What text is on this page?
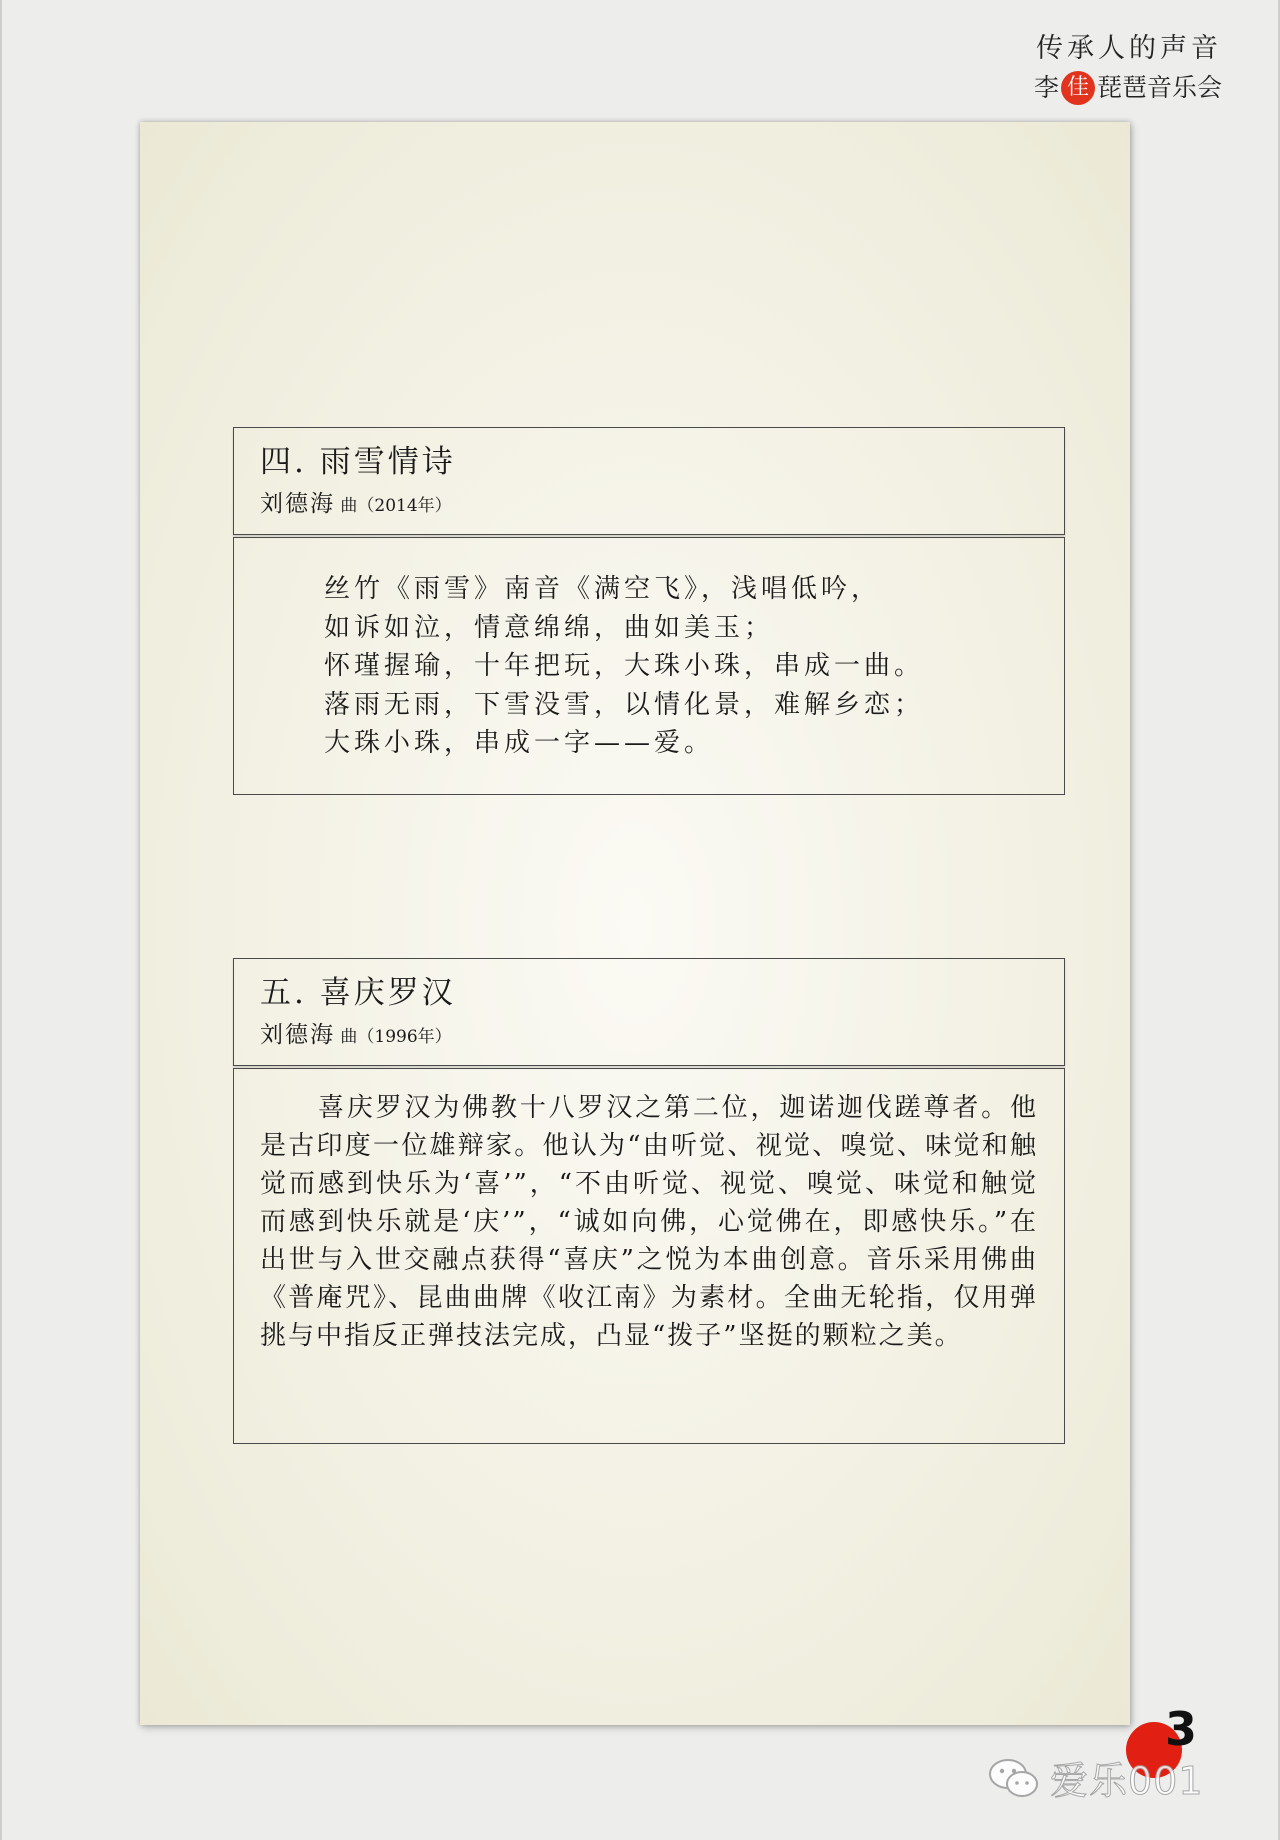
传承人的声音
李 佳 琵琶音乐会
四. 雨雪情诗
刘德海 曲（2014年）
丝竹《雨雪》南音《满空飞》，浅唱低吟，
如诉如泣，情意绵绵，曲如美玉；
怀瑾握瑜，十年把玩，大珠小珠，串成一曲。
落雨无雨，下雪没雪，以情化景，难解乡恋；
大珠小珠，串成一字——爱。
五. 喜庆罗汉
刘德海 曲（1996年）
喜庆罗汉为佛教十八罗汉之第二位，迦诺迦伐蹉尊者。他是古印度一位雄辩家。他认为“由听觉、视觉、嗅觉、味觉和触觉而感到快乐为‘喜’”，“不由听觉、视觉、嗅觉、味觉和触觉而感到快乐就是‘庆’”，“诚如向佛，心觉佛在，即感快乐。”在出世与入世交融点获得“喜庆”之悦为本曲创意。音乐采用佛曲《普庵咒》、昆曲曲牌《收江南》为素材。全曲无轮指，仅用弹挑与中指反正弹技法完成，凸显“拨子”坚挺的颗粒之美。
3
爱乐001
